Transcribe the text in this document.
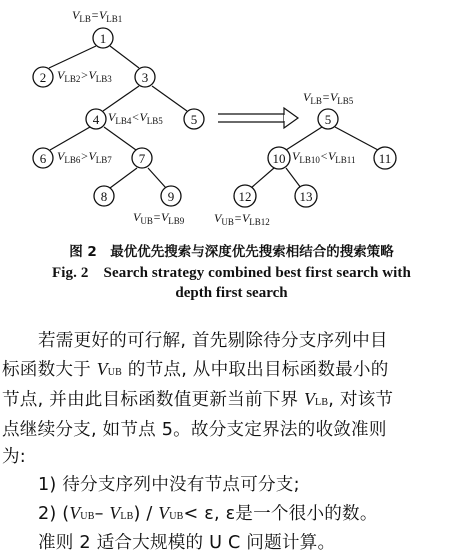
1
2	3
4	5
6	7
8	9
5
10	11
12	13
$V_{LB}=V_{LB1}$
$V_{LB2}>V_{LB3}$
$V_{LB4}<V_{LB5}$
$V_{LB6}>V_{LB7}$
$V_{UB}=V_{LB9}$
$V_{LB}=V_{LB5}$
$V_{LB10}<V_{LB11}$
$V_{UB}=V_{LB12}$
图 2　最优优先搜索与深度优先搜索相结合的搜索策略
Fig. 2　Search strategy combined best first search with
depth first search
若需更好的可行解, 首先剔除待分支序列中目
标函数大于 VUB 的节点, 从中取出目标函数最小的
节点, 并由此目标函数值更新当前下界 VLB, 对该节
点继续分支, 如节点 5。故分支定界法的收敛准则
为:
1) 待分支序列中没有节点可分支;
2) (VUB– VLB) / VUB< ε, ε是一个很小的数。
准则 2 适合大规模的 U C 问题计算。
